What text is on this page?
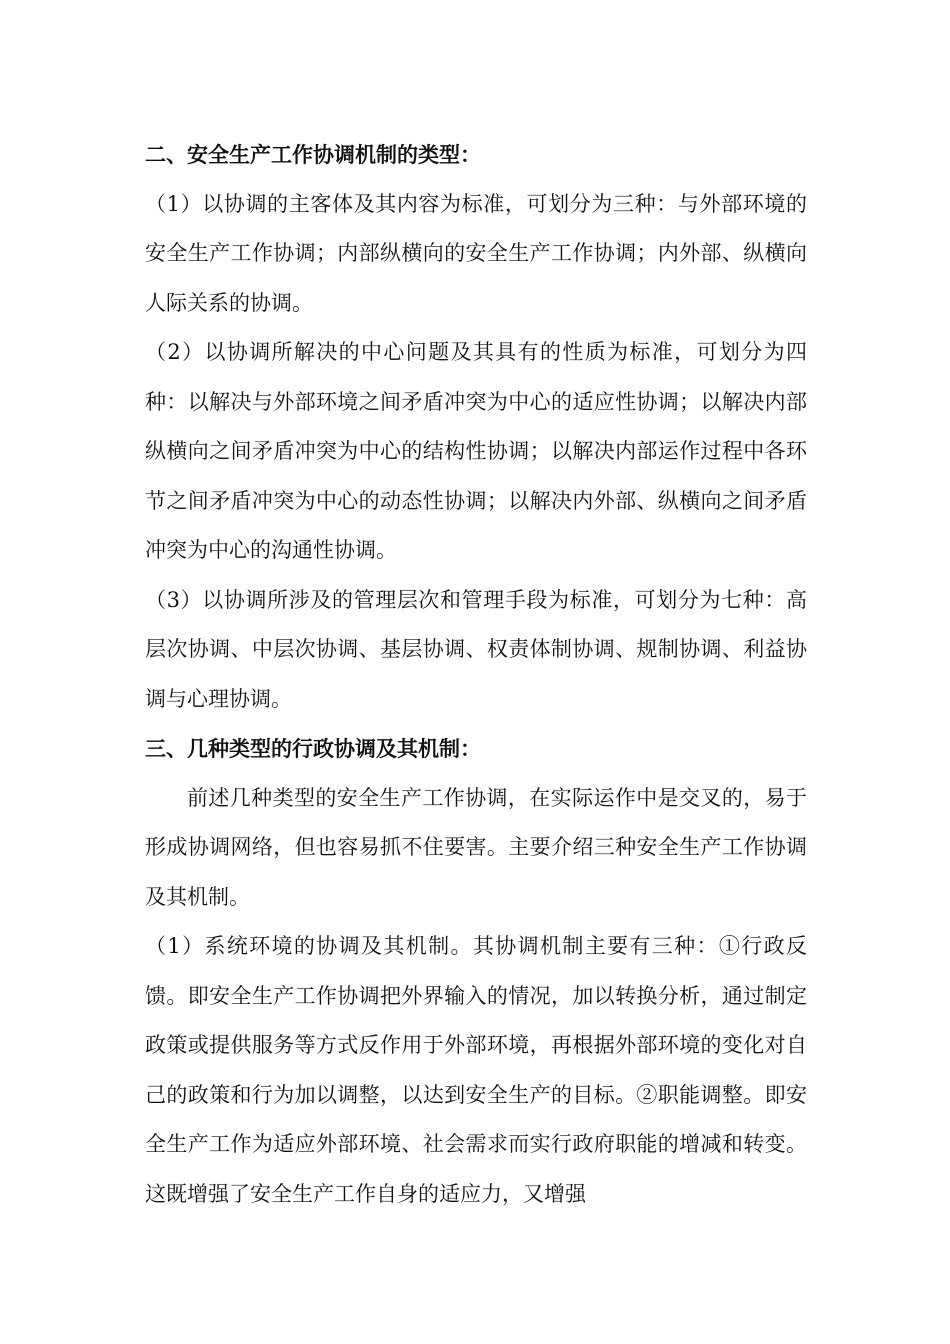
二、安全生产工作协调机制的类型：

（1）以协调的主客体及其内容为标准，可划分为三种：与外部环境的安全生产工作协调；内部纵横向的安全生产工作协调；内外部、纵横向人际关系的协调。

（2）以协调所解决的中心问题及其具有的性质为标准，可划分为四种：以解决与外部环境之间矛盾冲突为中心的适应性协调；以解决内部纵横向之间矛盾冲突为中心的结构性协调；以解决内部运作过程中各环节之间矛盾冲突为中心的动态性协调；以解决内外部、纵横向之间矛盾冲突为中心的沟通性协调。

（3）以协调所涉及的管理层次和管理手段为标准，可划分为七种：高层次协调、中层次协调、基层协调、权责体制协调、规制协调、利益协调与心理协调。

三、几种类型的行政协调及其机制：

前述几种类型的安全生产工作协调，在实际运作中是交叉的，易于形成协调网络，但也容易抓不住要害。主要介绍三种安全生产工作协调及其机制。

（1）系统环境的协调及其机制。其协调机制主要有三种：①行政反馈。即安全生产工作协调把外界输入的情况，加以转换分析，通过制定政策或提供服务等方式反作用于外部环境，再根据外部环境的变化对自己的政策和行为加以调整，以达到安全生产的目标。②职能调整。即安全生产工作为适应外部环境、社会需求而实行政府职能的增减和转变。这既增强了安全生产工作自身的适应力，又增强
